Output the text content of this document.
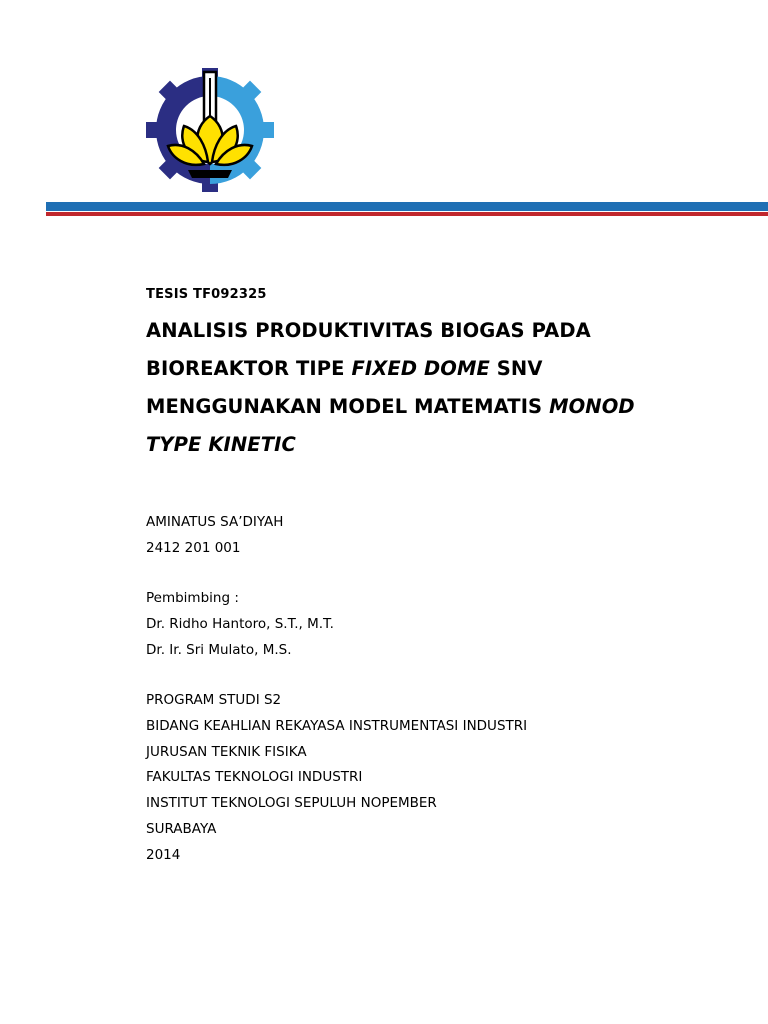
TESIS TF092325
ANALISIS PRODUKTIVITAS BIOGAS PADA
BIOREAKTOR TIPE FIXED DOME SNV
MENGGUNAKAN MODEL MATEMATIS MONOD
TYPE KINETIC
AMINATUS SA’DIYAH
2412 201 001
Pembimbing :
Dr. Ridho Hantoro, S.T., M.T.
Dr. Ir. Sri Mulato, M.S.
PROGRAM STUDI S2
BIDANG KEAHLIAN REKAYASA INSTRUMENTASI INDUSTRI
JURUSAN TEKNIK FISIKA
FAKULTAS TEKNOLOGI INDUSTRI
INSTITUT TEKNOLOGI SEPULUH NOPEMBER
SURABAYA
2014
